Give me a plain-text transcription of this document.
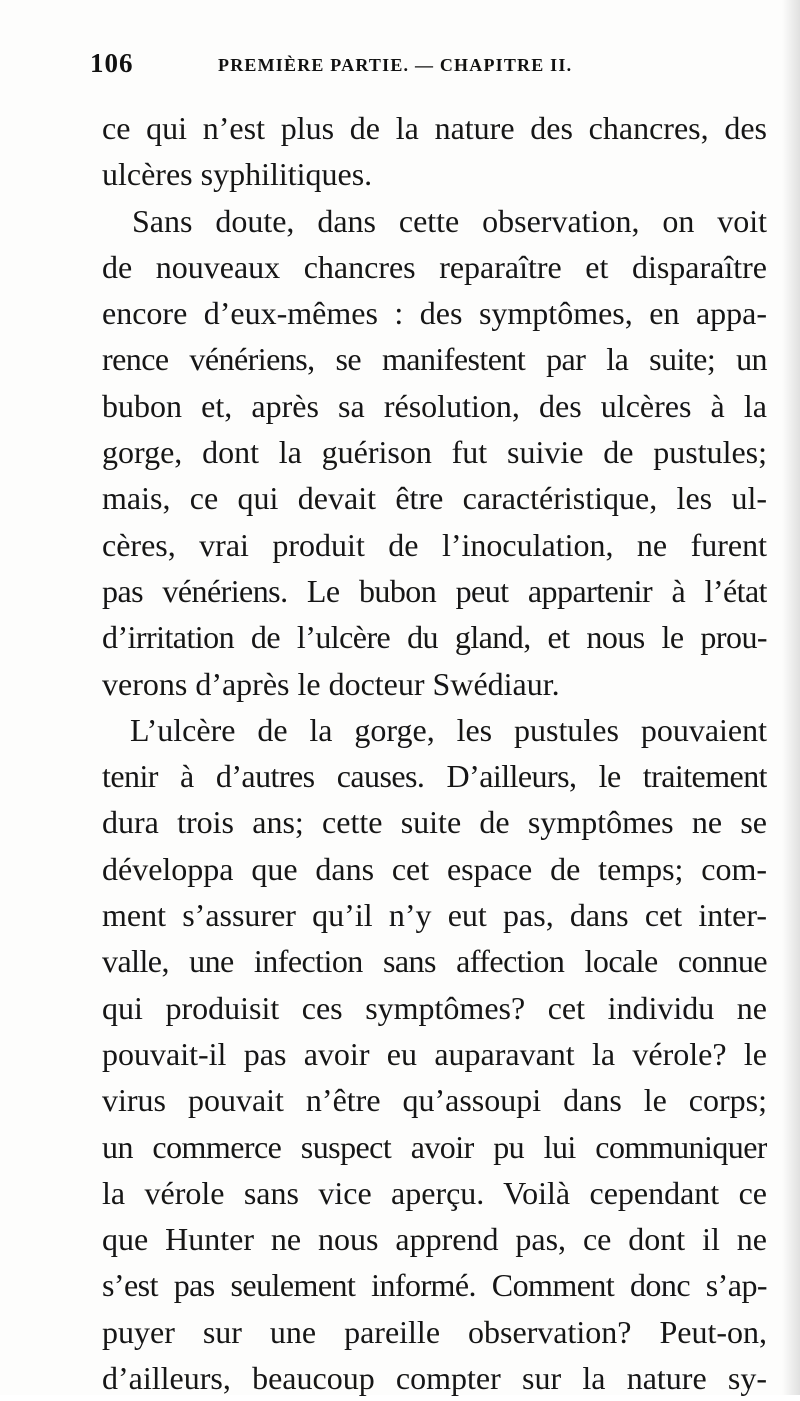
106	PREMIÈRE PARTIE. — CHAPITRE II.
ce qui n’est plus de la nature des chancres, des
ulcères syphilitiques.
Sans doute, dans cette observation, on voit
de nouveaux chancres reparaître et disparaître
encore d’eux-mêmes : des symptômes, en appa-
rence vénériens, se manifestent par la suite; un
bubon et, après sa résolution, des ulcères à la
gorge, dont la guérison fut suivie de pustules;
mais, ce qui devait être caractéristique, les ul-
cères, vrai produit de l’inoculation, ne furent
pas vénériens. Le bubon peut appartenir à l’état
d’irritation de l’ulcère du gland, et nous le prou-
verons d’après le docteur Swédiaur.
L’ulcère de la gorge, les pustules pouvaient
tenir à d’autres causes. D’ailleurs, le traitement
dura trois ans; cette suite de symptômes ne se
développa que dans cet espace de temps; com-
ment s’assurer qu’il n’y eut pas, dans cet inter-
valle, une infection sans affection locale connue
qui produisit ces symptômes? cet individu ne
pouvait-il pas avoir eu auparavant la vérole? le
virus pouvait n’être qu’assoupi dans le corps;
un commerce suspect avoir pu lui communiquer
la vérole sans vice aperçu. Voilà cependant ce
que Hunter ne nous apprend pas, ce dont il ne
s’est pas seulement informé. Comment donc s’ap-
puyer sur une pareille observation? Peut-on,
d’ailleurs, beaucoup compter sur la nature sy-
